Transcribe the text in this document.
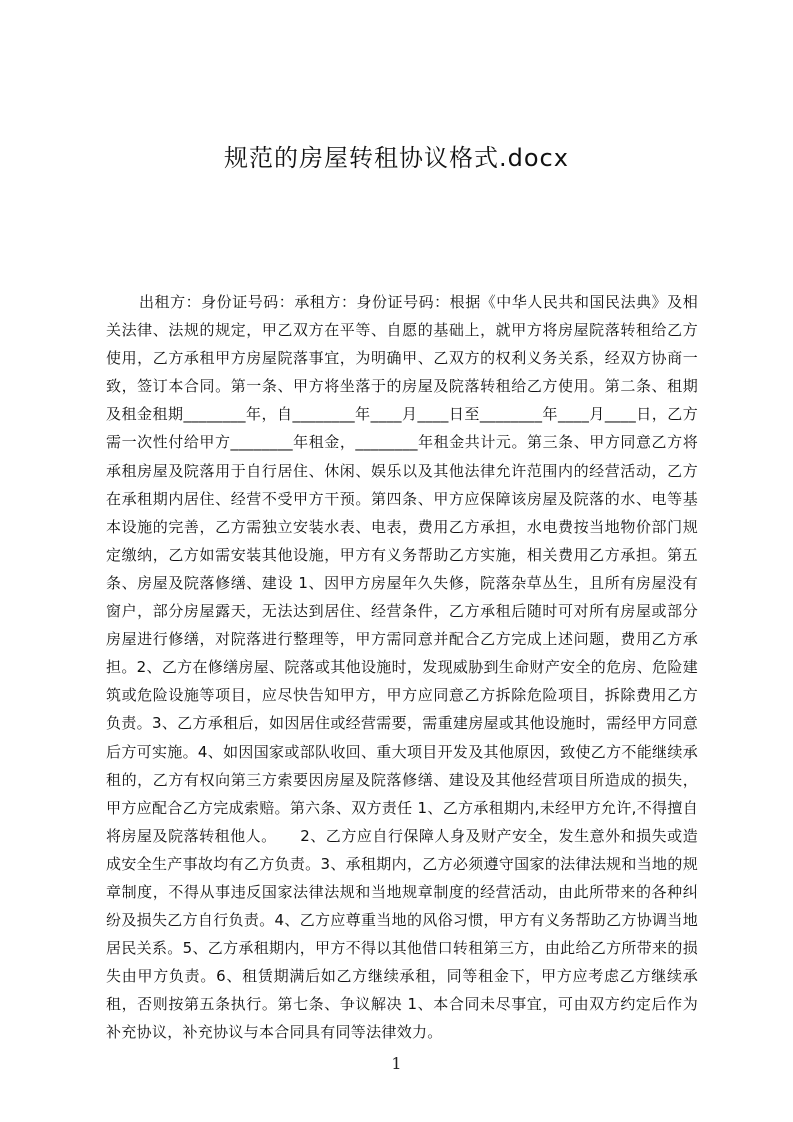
规范的房屋转租协议格式.docx
出租方：身份证号码：承租方：身份证号码：根据《中华人民共和国民法典》及相关法律、法规的规定，甲乙双方在平等、自愿的基础上，就甲方将房屋院落转租给乙方使用，乙方承租甲方房屋院落事宜，为明确甲、乙双方的权利义务关系，经双方协商一致，签订本合同。第一条、甲方将坐落于的房屋及院落转租给乙方使用。第二条、租期及租金租期________年，自________年____月____日至________年____月____日，乙方需一次性付给甲方________年租金，________年租金共计元。第三条、甲方同意乙方将承租房屋及院落用于自行居住、休闲、娱乐以及其他法律允许范围内的经营活动，乙方在承租期内居住、经营不受甲方干预。第四条、甲方应保障该房屋及院落的水、电等基本设施的完善，乙方需独立安装水表、电表，费用乙方承担，水电费按当地物价部门规定缴纳，乙方如需安装其他设施，甲方有义务帮助乙方实施，相关费用乙方承担。第五条、房屋及院落修缮、建设 1、因甲方房屋年久失修，院落杂草丛生，且所有房屋没有窗户，部分房屋露天，无法达到居住、经营条件，乙方承租后随时可对所有房屋或部分房屋进行修缮，对院落进行整理等，甲方需同意并配合乙方完成上述问题，费用乙方承担。2、乙方在修缮房屋、院落或其他设施时，发现威胁到生命财产安全的危房、危险建筑或危险设施等项目，应尽快告知甲方，甲方应同意乙方拆除危险项目，拆除费用乙方负责。3、乙方承租后，如因居住或经营需要，需重建房屋或其他设施时，需经甲方同意后方可实施。4、如因国家或部队收回、重大项目开发及其他原因，致使乙方不能继续承租的，乙方有权向第三方索要因房屋及院落修缮、建设及其他经营项目所造成的损失，甲方应配合乙方完成索赔。第六条、双方责任 1、乙方承租期内,未经甲方允许,不得擅自将房屋及院落转租他人。　　2、乙方应自行保障人身及财产安全，发生意外和损失或造成安全生产事故均有乙方负责。3、承租期内，乙方必须遵守国家的法律法规和当地的规章制度，不得从事违反国家法律法规和当地规章制度的经营活动，由此所带来的各种纠纷及损失乙方自行负责。4、乙方应尊重当地的风俗习惯，甲方有义务帮助乙方协调当地居民关系。5、乙方承租期内，甲方不得以其他借口转租第三方，由此给乙方所带来的损失由甲方负责。6、租赁期满后如乙方继续承租，同等租金下，甲方应考虑乙方继续承租，否则按第五条执行。第七条、争议解决 1、本合同未尽事宜，可由双方约定后作为补充协议，补充协议与本合同具有同等法律效力。
1
